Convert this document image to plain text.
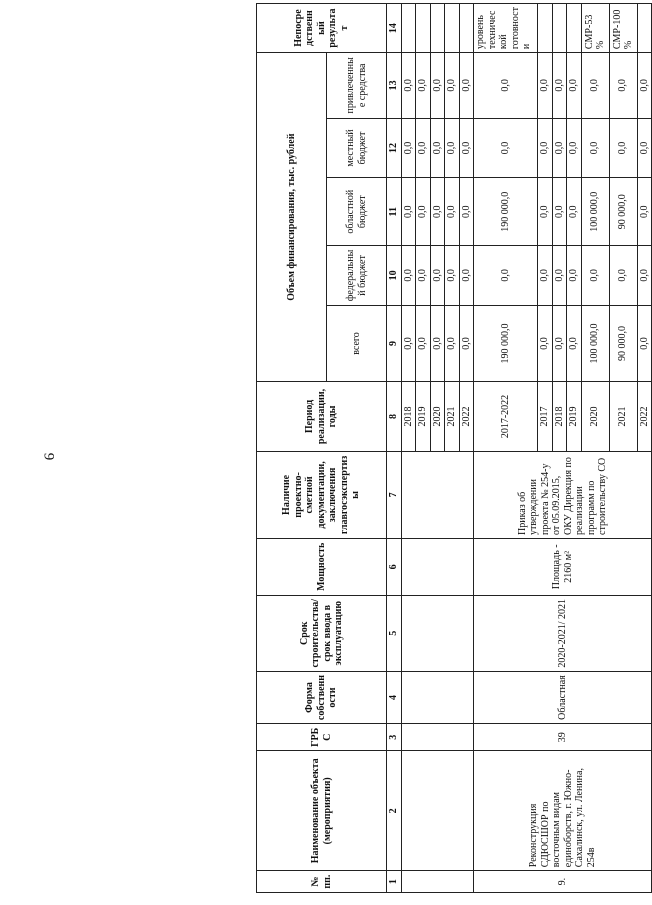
9
№ пп.	Наименование объекта (мероприятия)	ГРБС	Форма собственности	Срок строительства/срок ввода в эксплуатацию	Мощность	Наличие проектно-сметной документации, заключения главгосэкспертизы	Период реализации, годы	Объем финансирования, тыс. рублей					Непосредственный результат
								всего	федеральный бюджет	областной бюджет	местный бюджет	привлеченные средства	
1	2	3	4	5	6	7	8	9	10	11	12	13	14
							2018	0,0	0,0	0,0	0,0	0,0	
							2019	0,0	0,0	0,0	0,0	0,0	
							2020	0,0	0,0	0,0	0,0	0,0	
							2021	0,0	0,0	0,0	0,0	0,0	
							2022	0,0	0,0	0,0	0,0	0,0	
9.	Реконструкция СДЮСШОР по восточным видам единоборств, г. Южно-Сахалинск, ул. Ленина, 254в	39	Областная	2020-2021/ 2021	Площадь - 2160 м²	Приказ об утверждении проекта № 254-у от 05.09.2015, ОКУ Дирекция по реализации программ по строительству СО	2017-2022	190 000,0	0,0	190 000,0	0,0	0,0	уровень технической готовности
							2017	0,0	0,0	0,0	0,0	0,0	
							2018	0,0	0,0	0,0	0,0	0,0	
							2019	0,0	0,0	0,0	0,0	0,0	
							2020	100 000,0	0,0	100 000,0	0,0	0,0	СМР-53%
							2021	90 000,0	0,0	90 000,0	0,0	0,0	СМР-100 %
							2022	0,0	0,0	0,0	0,0	0,0	
